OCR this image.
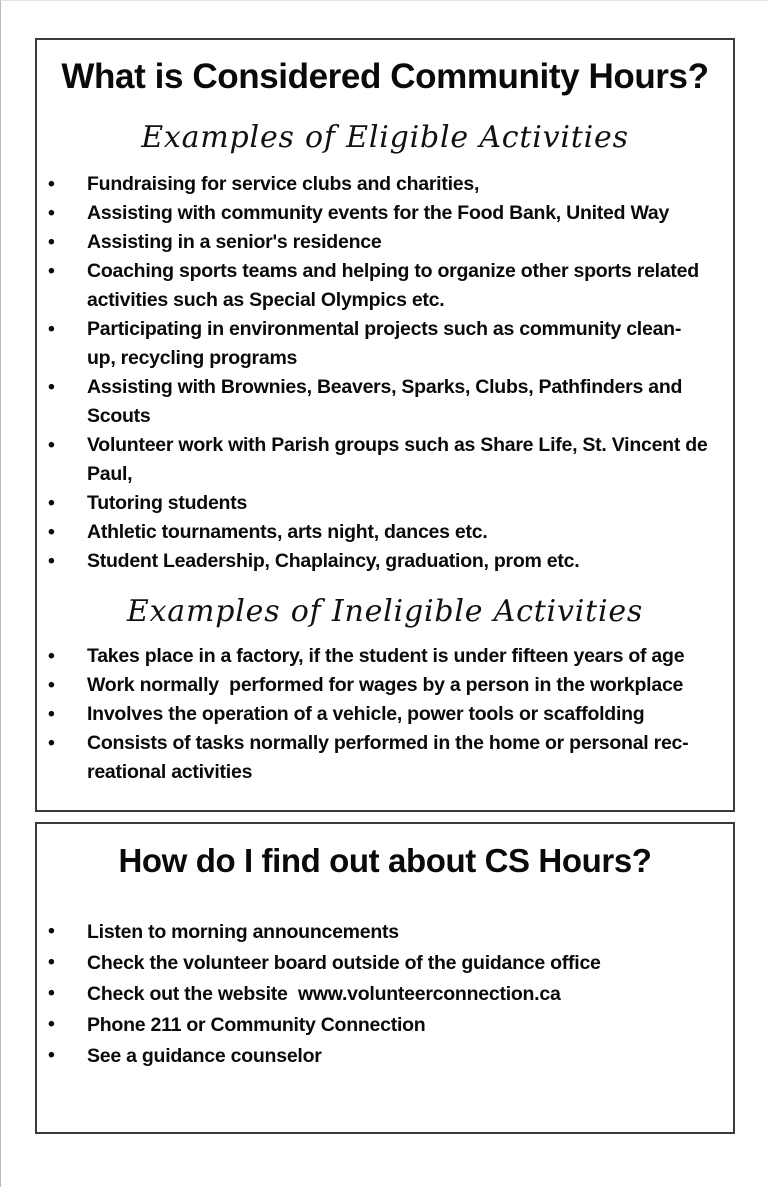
What is Considered Community Hours?
Examples of Eligible Activities
• Fundraising for service clubs and charities,
• Assisting with community events for the Food Bank, United Way
• Assisting in a senior's residence
• Coaching sports teams and helping to organize other sports related activities such as Special Olympics etc.
• Participating in environmental projects such as community clean-up, recycling programs
• Assisting with Brownies, Beavers, Sparks, Clubs, Pathfinders and Scouts
• Volunteer work with Parish groups such as Share Life, St. Vincent de Paul,
• Tutoring students
• Athletic tournaments, arts night, dances etc.
• Student Leadership, Chaplaincy, graduation, prom etc.
Examples of Ineligible Activities
• Takes place in a factory, if the student is under fifteen years of age
• Work normally  performed for wages by a person in the workplace
• Involves the operation of a vehicle, power tools or scaffolding
• Consists of tasks normally performed in the home or personal rec-reational activities
How do I find out about CS Hours?
• Listen to morning announcements
• Check the volunteer board outside of the guidance office
• Check out the website  www.volunteerconnection.ca
• Phone 211 or Community Connection
• See a guidance counselor
